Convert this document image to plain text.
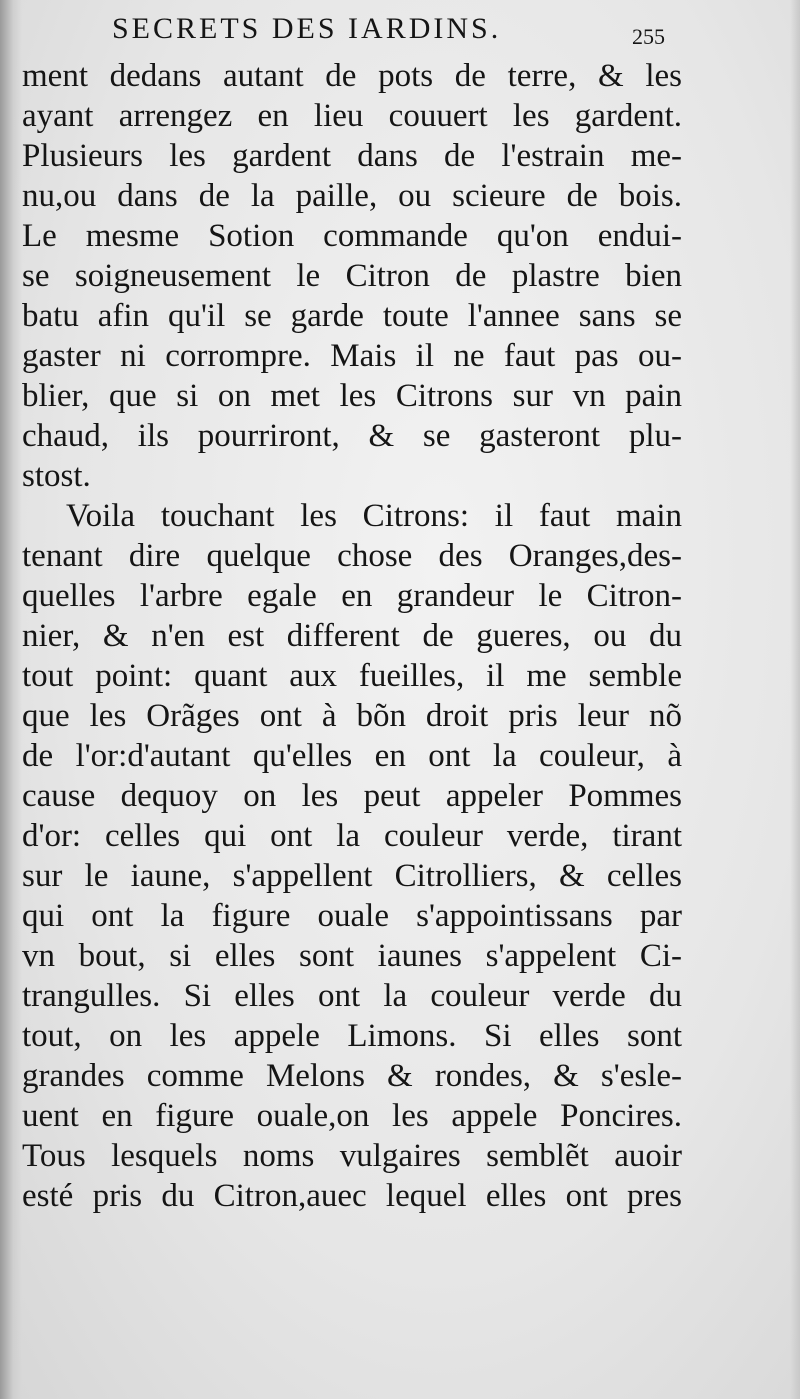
SECRETS DES IARDINS.	255
ment dedans autant de pots de terre, & les
ayant arrengez en lieu couuert les gardent.
Plusieurs les gardent dans de l'estrain me-
nu,ou dans de la paille, ou scieure de bois.
Le mesme Sotion commande qu'on endui-
se soigneusement le Citron de plastre bien
batu afin qu'il se garde toute l'annee sans se
gaster ni corrompre. Mais il ne faut pas ou-
blier, que si on met les Citrons sur vn pain
chaud, ils pourriront, & se gasteront plu-
stost.
Voila touchant les Citrons: il faut main
tenant dire quelque chose des Oranges,des-
quelles l'arbre egale en grandeur le Citron-
nier, & n'en est different de gueres, ou du
tout point: quant aux fueilles, il me semble
que les Orãges ont à bõn droit pris leur nõ
de l'or:d'autant qu'elles en ont la couleur, à
cause dequoy on les peut appeler Pommes
d'or: celles qui ont la couleur verde, tirant
sur le iaune, s'appellent Citrolliers, & celles
qui ont la figure ouale s'appointissans par
vn bout, si elles sont iaunes s'appelent Ci-
trangulles. Si elles ont la couleur verde du
tout, on les appele Limons. Si elles sont
grandes comme Melons & rondes, & s'esle-
uent en figure ouale,on les appele Poncires.
Tous lesquels noms vulgaires semblẽt auoir
esté pris du Citron,auec lequel elles ont pres
